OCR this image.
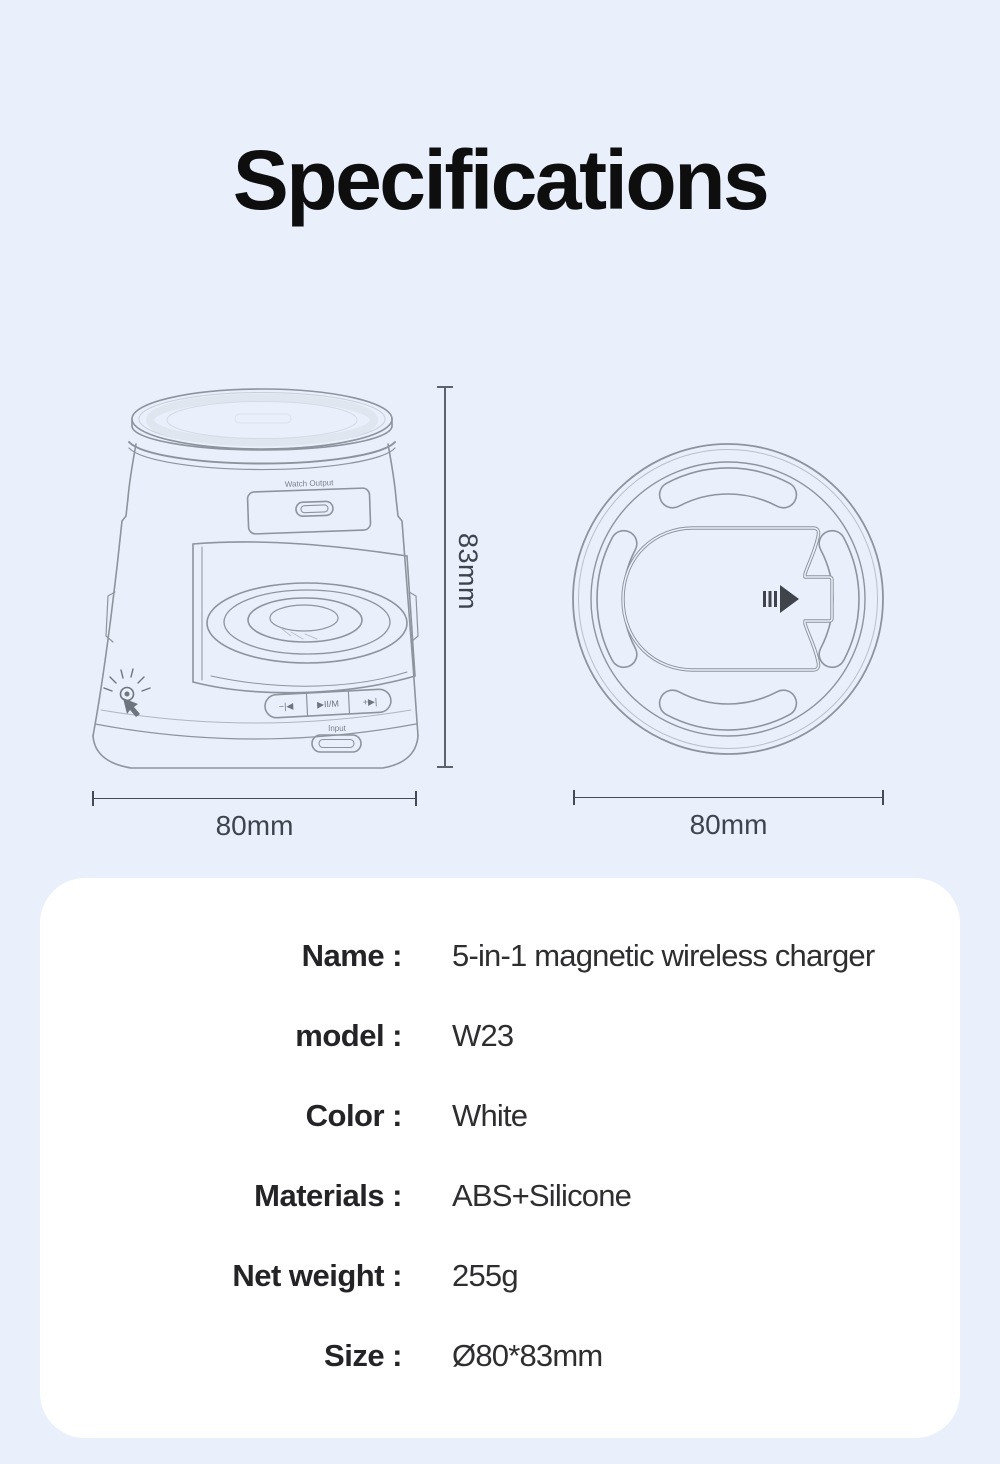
Specifications
Watch Output
−|◀	▶II/M	+▶|
Input
83mm
80mm	80mm
Name : 5-in-1 magnetic wireless charger
model : W23
Color : White
Materials : ABS+Silicone
Net weight : 255g
Size : Ø80*83mm
